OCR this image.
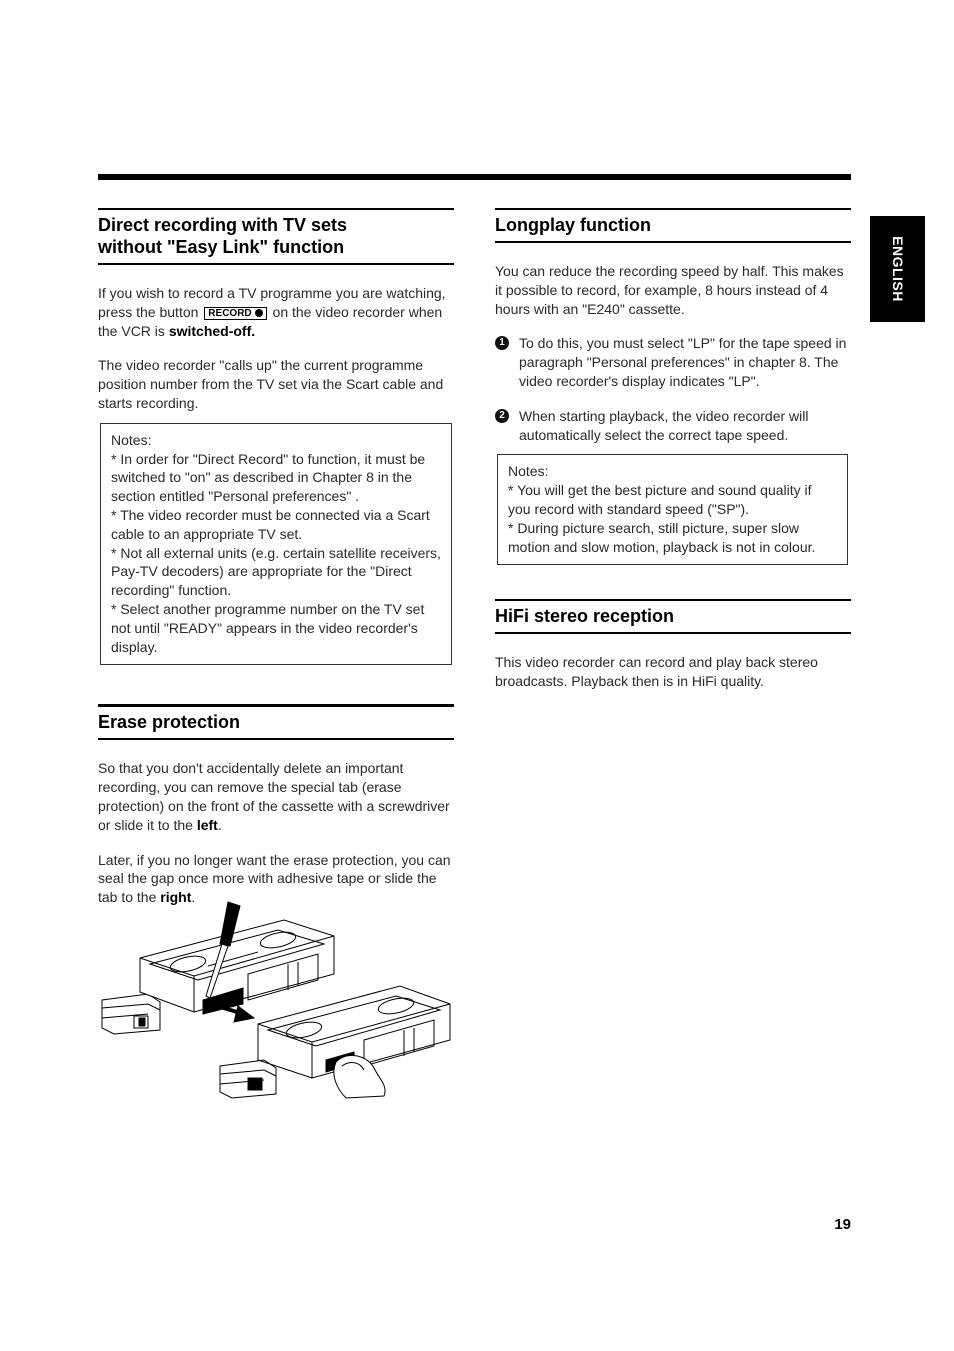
Direct recording with TV sets
without "Easy Link" function

If you wish to record a TV programme you are watching, press the button RECORD on the video recorder when the VCR is switched-off.

The video recorder "calls up" the current programme position number from the TV set via the Scart cable and starts recording.

Notes:

* In order for "Direct Record" to function, it must be switched to "on" as described in Chapter 8 in the section entitled "Personal preferences" .

* The video recorder must be connected via a Scart cable to an appropriate TV set.

* Not all external units (e.g. certain satellite receivers, Pay-TV decoders) are appropriate for the "Direct recording" function.

* Select another programme number on the TV set not until "READY" appears in the video recorder's display.

Erase protection

So that you don't accidentally delete an important recording, you can remove the special tab (erase protection) on the front of the cassette with a screwdriver or slide it to the left.

Later, if you no longer want the erase protection, you can seal the gap once more with adhesive tape or slide the tab to the right.

Longplay function

You can reduce the recording speed by half. This makes it possible to record, for example, 8 hours instead of 4 hours with an "E240" cassette.

1	To do this, you must select "LP" for the tape speed in paragraph "Personal preferences" in chapter 8. The video recorder's display indicates "LP".

2	When starting playback, the video recorder will automatically select the correct tape speed.

Notes:

* You will get the best picture and sound quality if you record with standard speed ("SP").

* During picture search, still picture, super slow motion and slow motion, playback is not in colour.

HiFi stereo reception

This video recorder can record and play back stereo broadcasts. Playback then is in HiFi quality.

ENGLISH
19
